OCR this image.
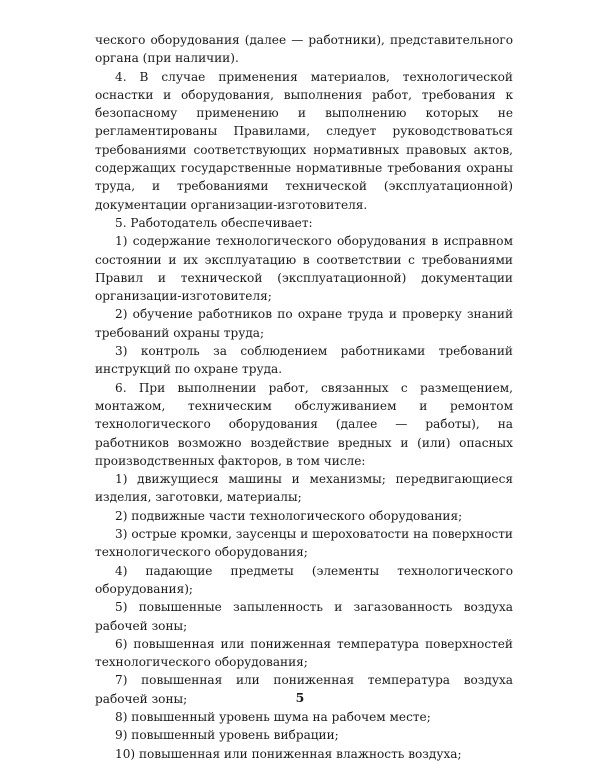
ческого оборудования (далее — работники), представительного органа (при наличии).

4. В случае применения материалов, технологической оснастки и оборудования, выполнения работ, требования к безопасному применению и выполнению которых не регламентированы Правилами, следует руководствоваться требованиями соответствующих нормативных правовых актов, содержащих государственные нормативные требования охраны труда, и требованиями технической (эксплуатационной) документации организации-изготовителя.

5. Работодатель обеспечивает:

1) содержание технологического оборудования в исправном состоянии и их эксплуатацию в соответствии с требованиями Правил и технической (эксплуатационной) документации организации-изготовителя;

2) обучение работников по охране труда и проверку знаний требований охраны труда;

3) контроль за соблюдением работниками требований инструкций по охране труда.

6. При выполнении работ, связанных с размещением, монтажом, техническим обслуживанием и ремонтом технологического оборудования (далее — работы), на работников возможно воздействие вредных и (или) опасных производственных факторов, в том числе:

1) движущиеся машины и механизмы; передвигающиеся изделия, заготовки, материалы;

2) подвижные части технологического оборудования;

3) острые кромки, заусенцы и шероховатости на поверхности технологического оборудования;

4) падающие предметы (элементы технологического оборудования);

5) повышенные запыленность и загазованность воздуха рабочей зоны;

6) повышенная или пониженная температура поверхностей технологического оборудования;

7) повышенная или пониженная температура воздуха рабочей зоны;

8) повышенный уровень шума на рабочем месте;

9) повышенный уровень вибрации;

10) повышенная или пониженная влажность воздуха;

5
